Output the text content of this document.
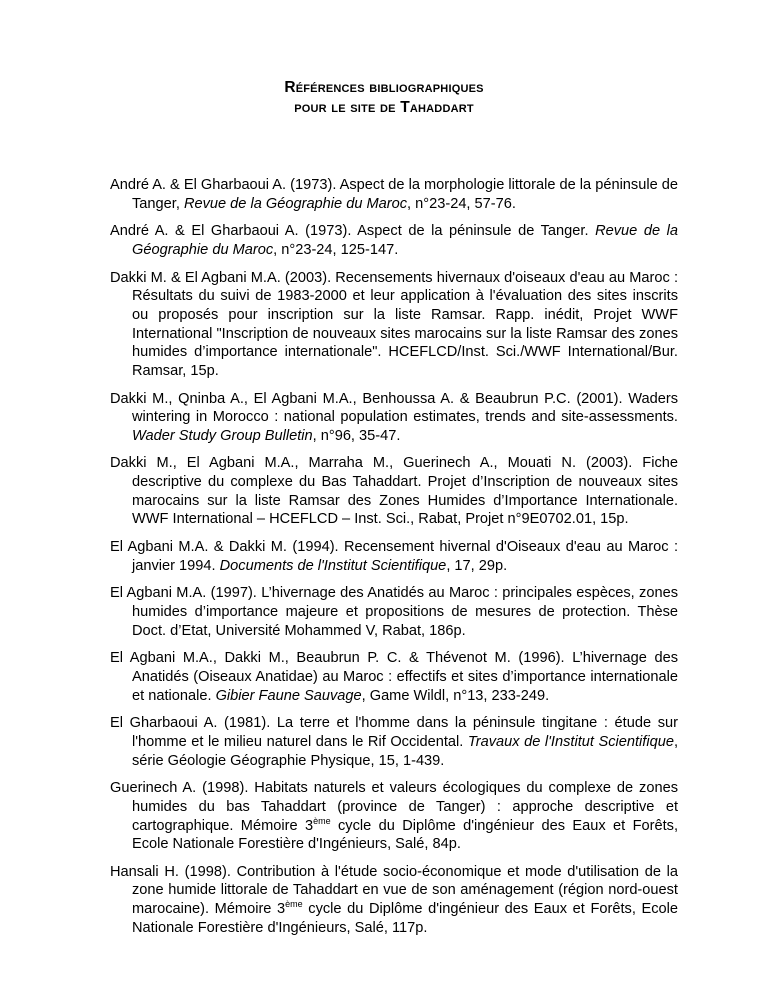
Références bibliographiques
pour le site de Tahaddart

André A. & El Gharbaoui A. (1973). Aspect de la morphologie littorale de la péninsule de Tanger, Revue de la Géographie du Maroc, n°23-24, 57-76.

André A. & El Gharbaoui A. (1973). Aspect de la péninsule de Tanger. Revue de la Géographie du Maroc, n°23-24, 125-147.

Dakki M. & El Agbani M.A. (2003). Recensements hivernaux d'oiseaux d'eau au Maroc : Résultats du suivi de 1983-2000 et leur application à l'évaluation des sites inscrits ou proposés pour inscription sur la liste Ramsar. Rapp. inédit, Projet WWF International "Inscription de nouveaux sites marocains sur la liste Ramsar des zones humides d’importance internationale". HCEFLCD/Inst. Sci./WWF International/Bur. Ramsar, 15p.

Dakki M., Qninba A., El Agbani M.A., Benhoussa A. & Beaubrun P.C. (2001). Waders wintering in Morocco : national population estimates, trends and site-assessments. Wader Study Group Bulletin, n°96, 35-47.

Dakki M., El Agbani M.A., Marraha M., Guerinech A., Mouati N. (2003). Fiche descriptive du complexe du Bas Tahaddart. Projet d’Inscription de nouveaux sites marocains sur la liste Ramsar des Zones Humides d’Importance Internationale. WWF International – HCEFLCD – Inst. Sci., Rabat, Projet n°9E0702.01, 15p.

El Agbani M.A. & Dakki M. (1994). Recensement hivernal d'Oiseaux d'eau au Maroc : janvier 1994. Documents de l'Institut Scientifique, 17, 29p.

El Agbani M.A. (1997). L’hivernage des Anatidés au Maroc : principales espèces, zones humides d’importance majeure et propositions de mesures de protection. Thèse Doct. d’Etat, Université Mohammed V, Rabat, 186p.

El Agbani M.A., Dakki M., Beaubrun P. C. & Thévenot M. (1996). L’hivernage des Anatidés (Oiseaux Anatidae) au Maroc : effectifs et sites d’importance internationale et nationale. Gibier Faune Sauvage, Game Wildl, n°13, 233-249.

El Gharbaoui A. (1981). La terre et l'homme dans la péninsule tingitane : étude sur l'homme et le milieu naturel dans le Rif Occidental. Travaux de l'Institut Scientifique, série Géologie Géographie Physique, 15, 1-439.

Guerinech A. (1998). Habitats naturels et valeurs écologiques du complexe de zones humides du bas Tahaddart (province de Tanger) : approche descriptive et cartographique. Mémoire 3ème cycle du Diplôme d'ingénieur des Eaux et Forêts, Ecole Nationale Forestière d'Ingénieurs, Salé, 84p.

Hansali H. (1998). Contribution à l'étude socio-économique et mode d'utilisation de la zone humide littorale de Tahaddart en vue de son aménagement (région nord-ouest marocaine). Mémoire 3ème cycle du Diplôme d'ingénieur des Eaux et Forêts, Ecole Nationale Forestière d'Ingénieurs, Salé, 117p.
